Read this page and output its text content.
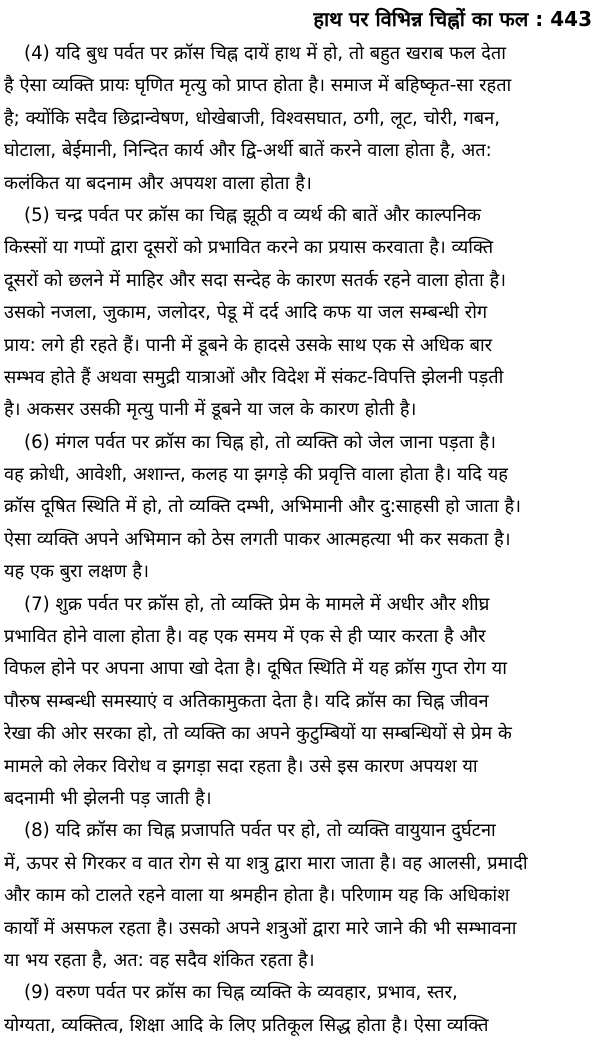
हाथ पर विभिन्न चिह्नों का फल : 443
(4) यदि बुध पर्वत पर क्रॉस चिह्न दायें हाथ में हो, तो बहुत खराब फल देता
है ऐसा व्यक्ति प्रायः घृणित मृत्यु को प्राप्त होता है। समाज में बहिष्कृत-सा रहता
है; क्योंकि सदैव छिद्रान्वेषण, धोखेबाजी, विश्वसघात, ठगी, लूट, चोरी, गबन,
घोटाला, बेईमानी, निन्दित कार्य और द्वि-अर्थी बातें करने वाला होता है, अत:
कलंकित या बदनाम और अपयश वाला होता है।
(5) चन्द्र पर्वत पर क्रॉस का चिह्न झूठी व व्यर्थ की बातें और काल्पनिक
किस्सों या गप्पों द्वारा दूसरों को प्रभावित करने का प्रयास करवाता है। व्यक्ति
दूसरों को छलने में माहिर और सदा सन्देह के कारण सतर्क रहने वाला होता है।
उसको नजला, जुकाम, जलोदर, पेडू में दर्द आदि कफ या जल सम्बन्धी रोग
प्राय: लगे ही रहते हैं। पानी में डूबने के हादसे उसके साथ एक से अधिक बार
सम्भव होते हैं अथवा समुद्री यात्राओं और विदेश में संकट-विपत्ति झेलनी पड़ती
है। अकसर उसकी मृत्यु पानी में डूबने या जल के कारण होती है।
(6) मंगल पर्वत पर क्रॉस का चिह्न हो, तो व्यक्ति को जेल जाना पड़ता है।
वह क्रोधी, आवेशी, अशान्त, कलह या झगड़े की प्रवृत्ति वाला होता है। यदि यह
क्रॉस दूषित स्थिति में हो, तो व्यक्ति दम्भी, अभिमानी और दु:साहसी हो जाता है।
ऐसा व्यक्ति अपने अभिमान को ठेस लगती पाकर आत्महत्या भी कर सकता है।
यह एक बुरा लक्षण है।
(7) शुक्र पर्वत पर क्रॉस हो, तो व्यक्ति प्रेम के मामले में अधीर और शीघ्र
प्रभावित होने वाला होता है। वह एक समय में एक से ही प्यार करता है और
विफल होने पर अपना आपा खो देता है। दूषित स्थिति में यह क्रॉस गुप्त रोग या
पौरुष सम्बन्धी समस्याएं व अतिकामुकता देता है। यदि क्रॉस का चिह्न जीवन
रेखा की ओर सरका हो, तो व्यक्ति का अपने कुटुम्बियों या सम्बन्धियों से प्रेम के
मामले को लेकर विरोध व झगड़ा सदा रहता है। उसे इस कारण अपयश या
बदनामी भी झेलनी पड़ जाती है।
(8) यदि क्रॉस का चिह्न प्रजापति पर्वत पर हो, तो व्यक्ति वायुयान दुर्घटना
में, ऊपर से गिरकर व वात रोग से या शत्रु द्वारा मारा जाता है। वह आलसी, प्रमादी
और काम को टालते रहने वाला या श्रमहीन होता है। परिणाम यह कि अधिकांश
कार्यों में असफल रहता है। उसको अपने शत्रुओं द्वारा मारे जाने की भी सम्भावना
या भय रहता है, अत: वह सदैव शंकित रहता है।
(9) वरुण पर्वत पर क्रॉस का चिह्न व्यक्ति के व्यवहार, प्रभाव, स्तर,
योग्यता, व्यक्तित्व, शिक्षा आदि के लिए प्रतिकूल सिद्ध होता है। ऐसा व्यक्ति
